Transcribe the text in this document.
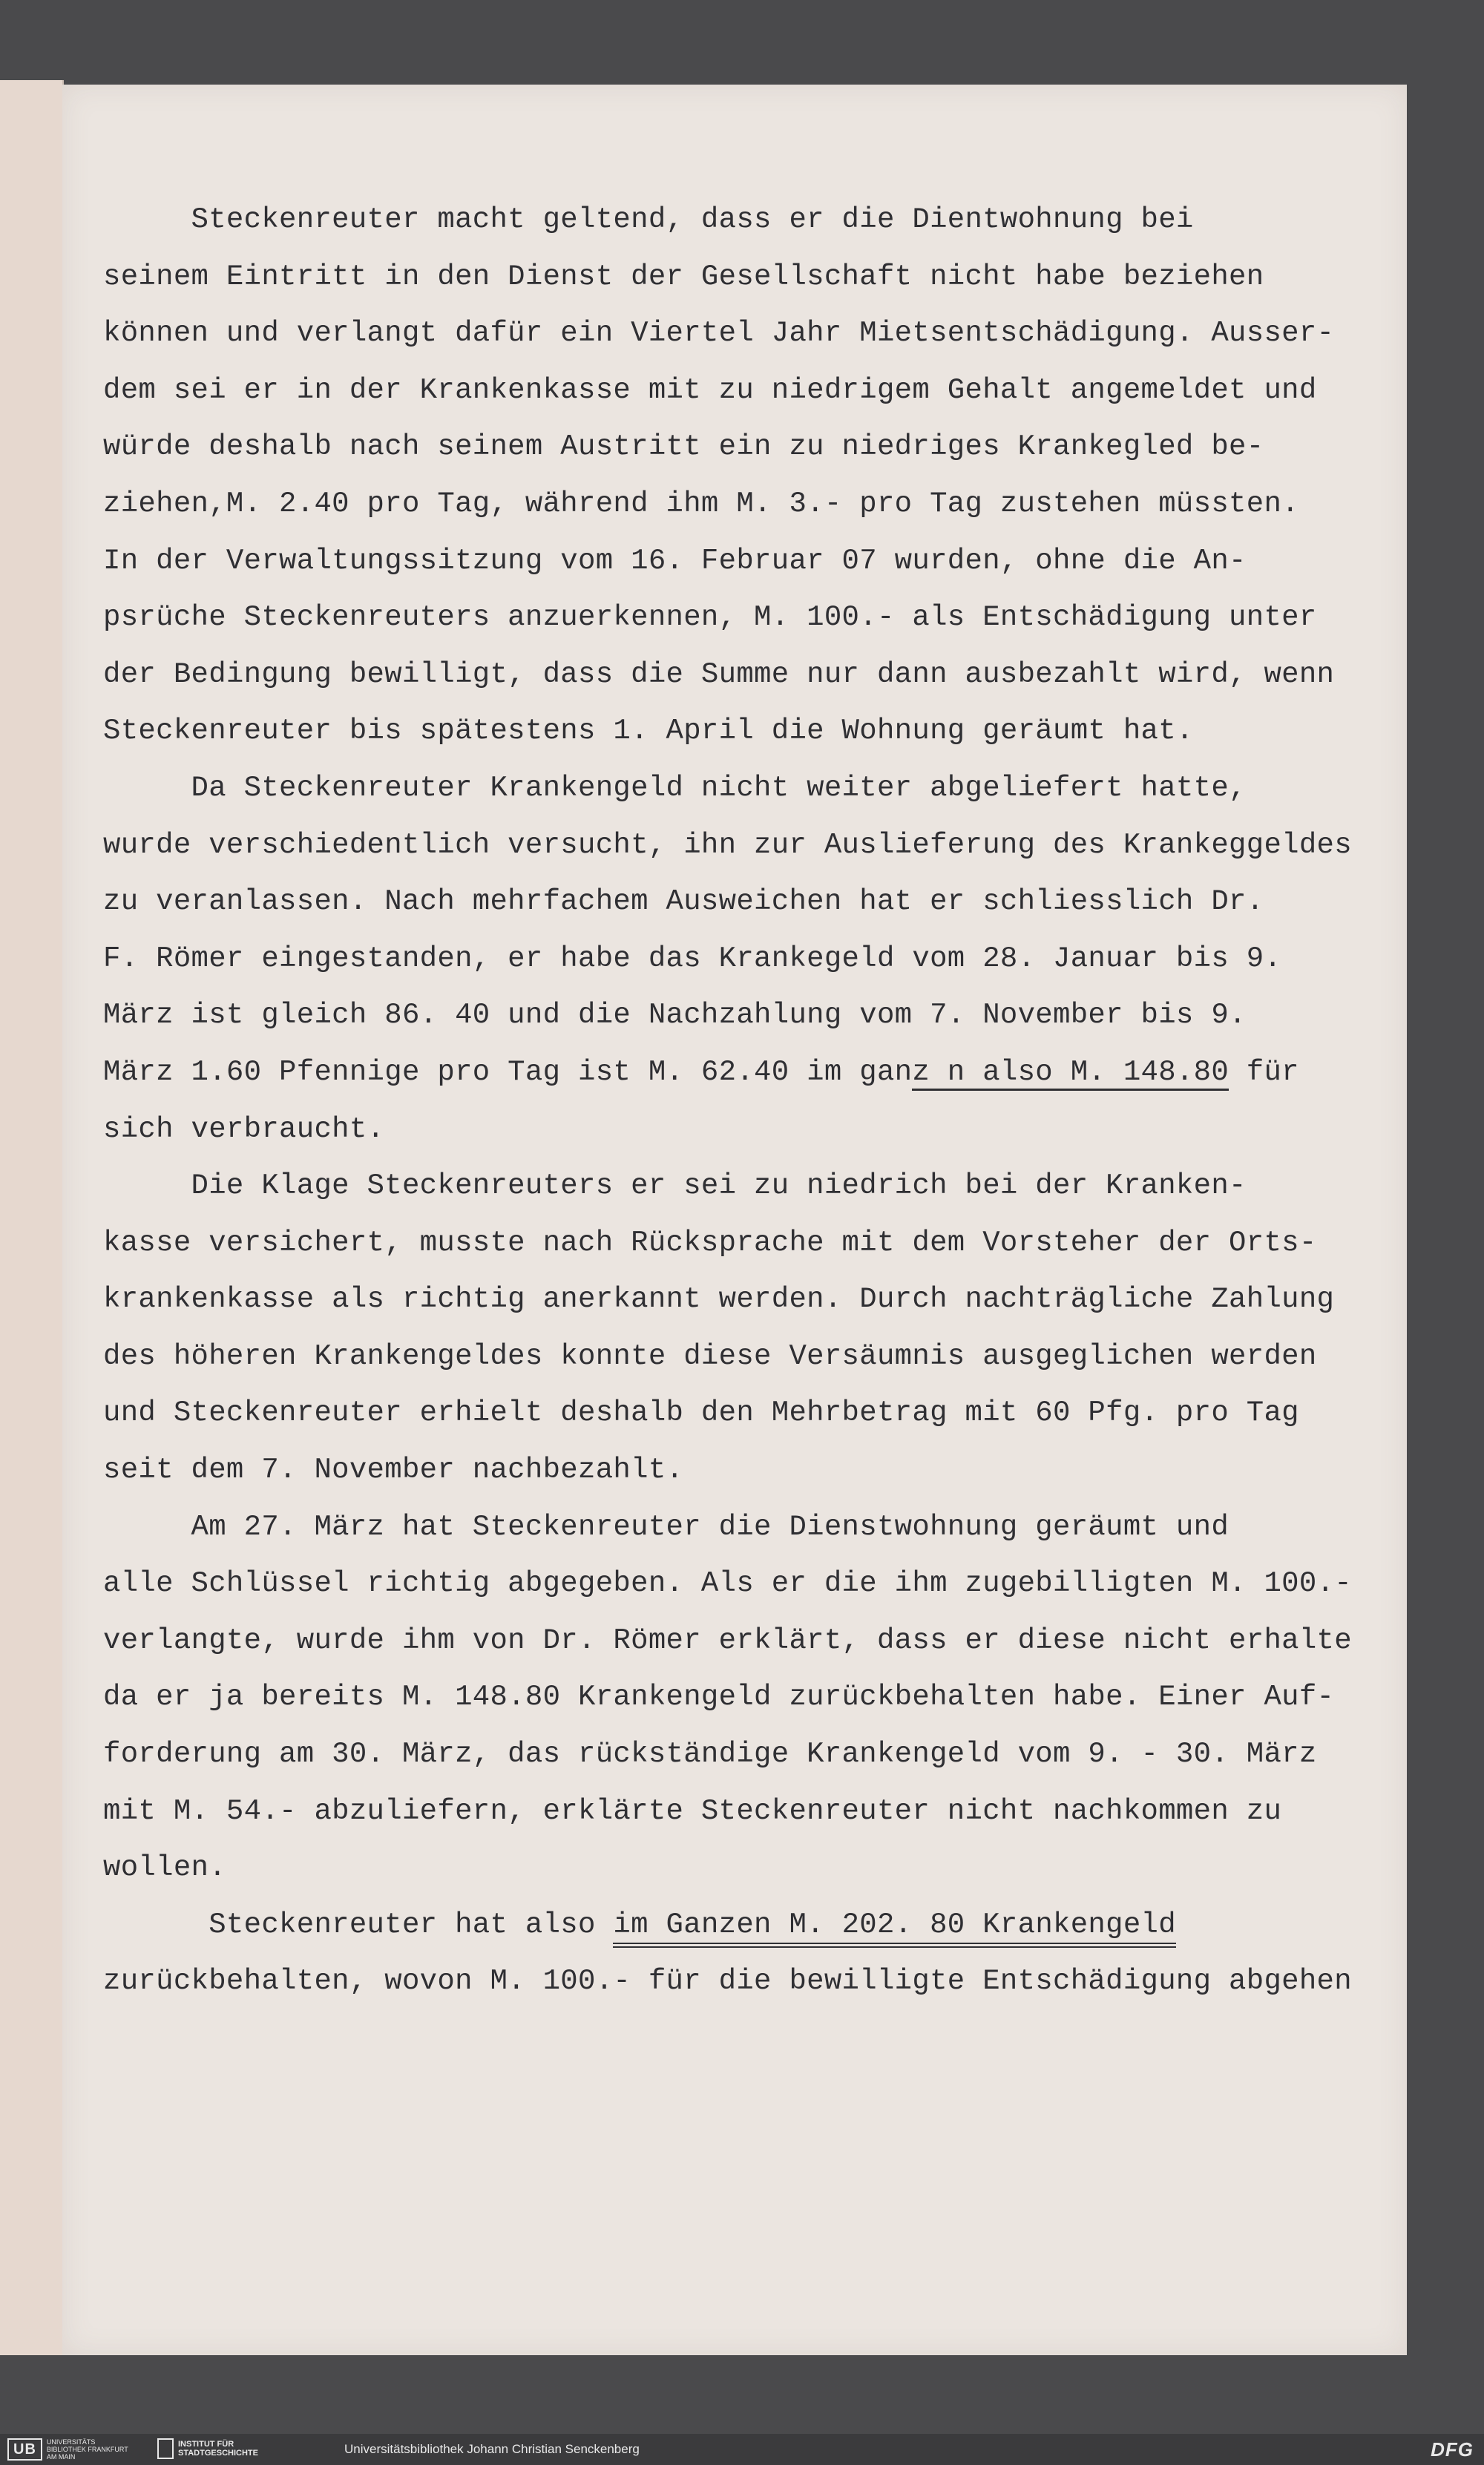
Steckenreuter macht geltend, dass er die Dientwohnung bei
seinem Eintritt in den Dienst der Gesellschaft nicht habe beziehen
können und verlangt dafür ein Viertel Jahr Mietsentschädigung. Ausser-
dem sei er in der Krankenkasse mit zu niedrigem Gehalt angemeldet und
würde deshalb nach seinem Austritt ein zu niedriges Krankegled be-
ziehen,M. 2.40 pro Tag, während ihm M. 3.- pro Tag zustehen müssten.
In der Verwaltungssitzung vom 16. Februar 07 wurden, ohne die An-
psrüche Steckenreuters anzuerkennen, M. 100.- als Entschädigung unter
der Bedingung bewilligt, dass die Summe nur dann ausbezahlt wird, wenn
Steckenreuter bis spätestens 1. April die Wohnung geräumt hat.
Da Steckenreuter Krankengeld nicht weiter abgeliefert hatte,
wurde verschiedentlich versucht, ihn zur Auslieferung des Krankeggeldes
zu veranlassen. Nach mehrfachem Ausweichen hat er schliesslich Dr.
F. Römer eingestanden, er habe das Krankegeld vom 28. Januar bis 9.
März ist gleich 86. 40 und die Nachzahlung vom 7. November bis 9.
März 1.60 Pfennige pro Tag ist M. 62.40 im ganz n also M. 148.80 für
sich verbraucht.
Die Klage Steckenreuters er sei zu niedrich bei der Kranken-
kasse versichert, musste nach Rücksprache mit dem Vorsteher der Orts-
krankenkasse als richtig anerkannt werden. Durch nachträgliche Zahlung
des höheren Krankengeldes konnte diese Versäumnis ausgeglichen werden
und Steckenreuter erhielt deshalb den Mehrbetrag mit 60 Pfg. pro Tag
seit dem 7. November nachbezahlt.
Am 27. März hat Steckenreuter die Dienstwohnung geräumt und
alle Schlüssel richtig abgegeben. Als er die ihm zugebilligten M. 100.-
verlangte, wurde ihm von Dr. Römer erklärt, dass er diese nicht erhalte
da er ja bereits M. 148.80 Krankengeld zurückbehalten habe. Einer Auf-
forderung am 30. März, das rückständige Krankengeld vom 9. - 30. März
mit M. 54.- abzuliefern, erklärte Steckenreuter nicht nachkommen zu
wollen.
Steckenreuter hat also im Ganzen M. 202. 80 Krankengeld
zurückbehalten, wovon M. 100.- für die bewilligte Entschädigung abgehen
UB	UNIVERSITÄTS BIBLIOTHEK FRANKFURT AM MAIN
INSTITUT FÜR STADTGESCHICHTE	Universitätsbibliothek Johann Christian Senckenberg	DFG
